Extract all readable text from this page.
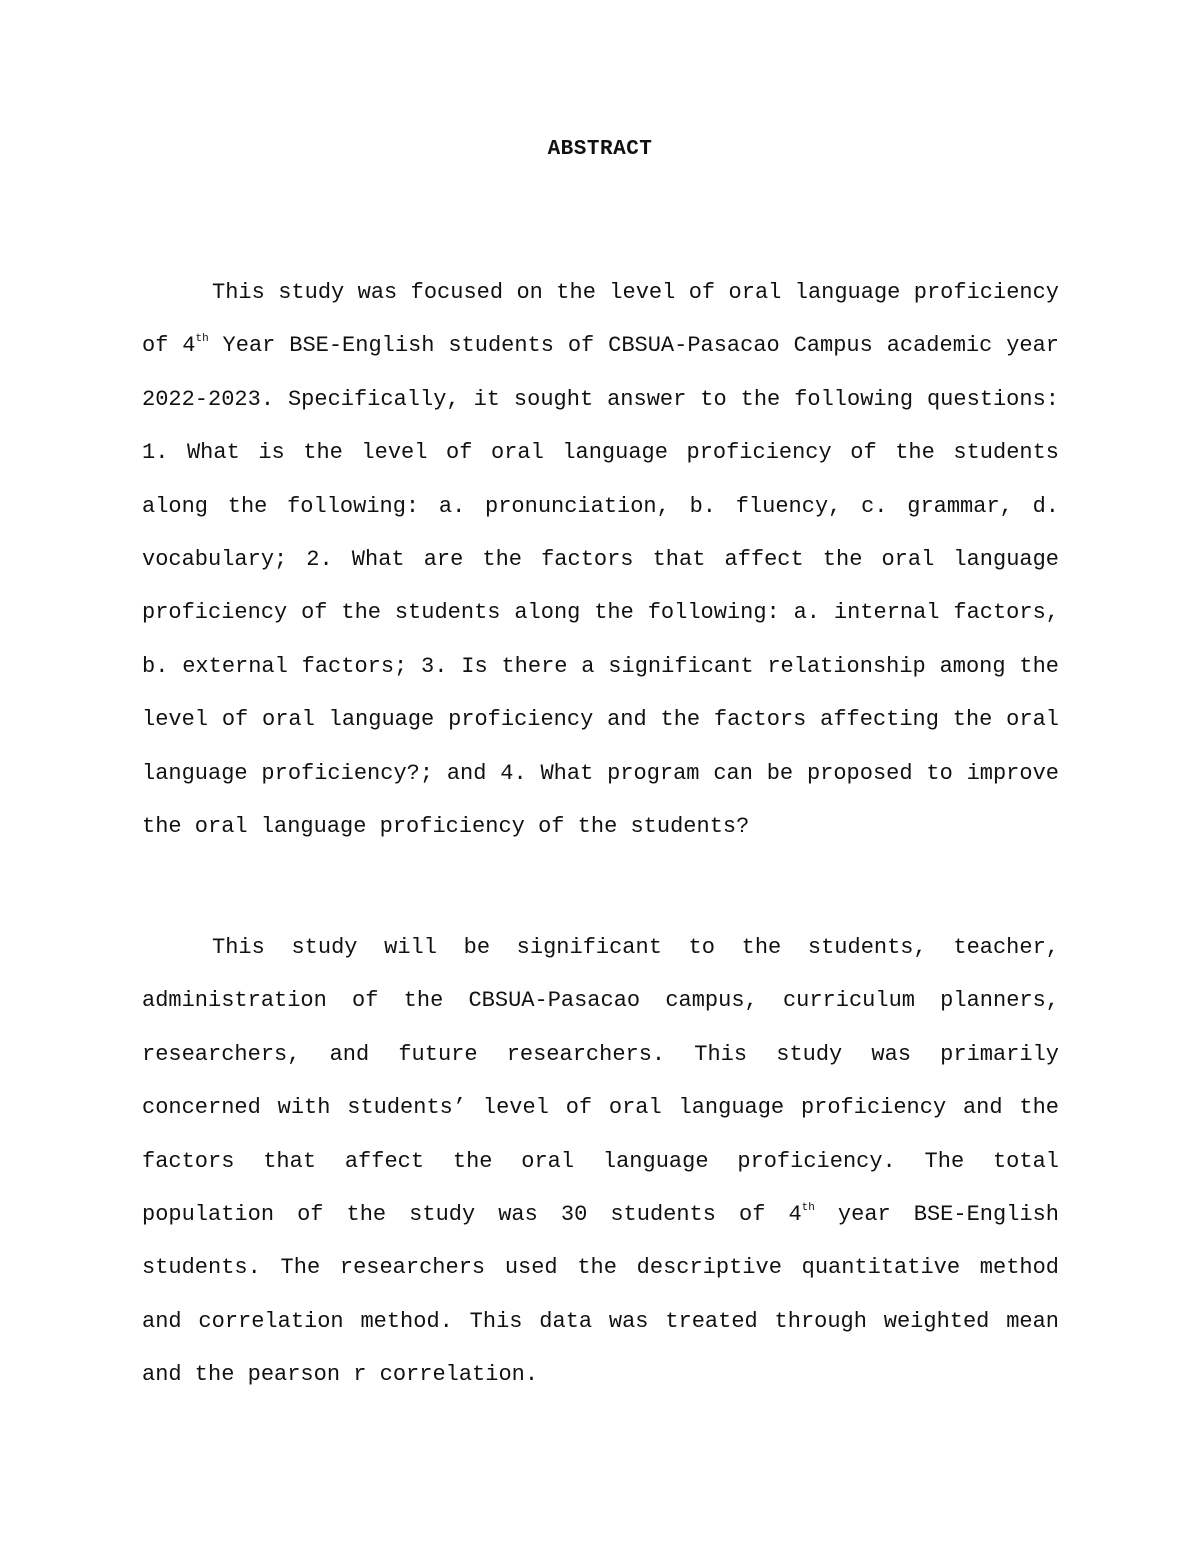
ABSTRACT

This study was focused on the level of oral language proficiency of 4th Year BSE-English students of CBSUA-Pasacao Campus academic year 2022-2023. Specifically, it sought answer to the following questions: 1. What is the level of oral language proficiency of the students along the following: a. pronunciation, b. fluency, c. grammar, d. vocabulary; 2. What are the factors that affect the oral language proficiency of the students along the following: a. internal factors, b. external factors; 3. Is there a significant relationship among the level of oral language proficiency and the factors affecting the oral language proficiency?; and 4. What program can be proposed to improve the oral language proficiency of the students?

This study will be significant to the students, teacher, administration of the CBSUA-Pasacao campus, curriculum planners, researchers, and future researchers. This study was primarily concerned with students’ level of oral language proficiency and the factors that affect the oral language proficiency. The total population of the study was 30 students of 4th year BSE-English students. The researchers used the descriptive quantitative method and correlation method. This data was treated through weighted mean and the pearson r correlation.
